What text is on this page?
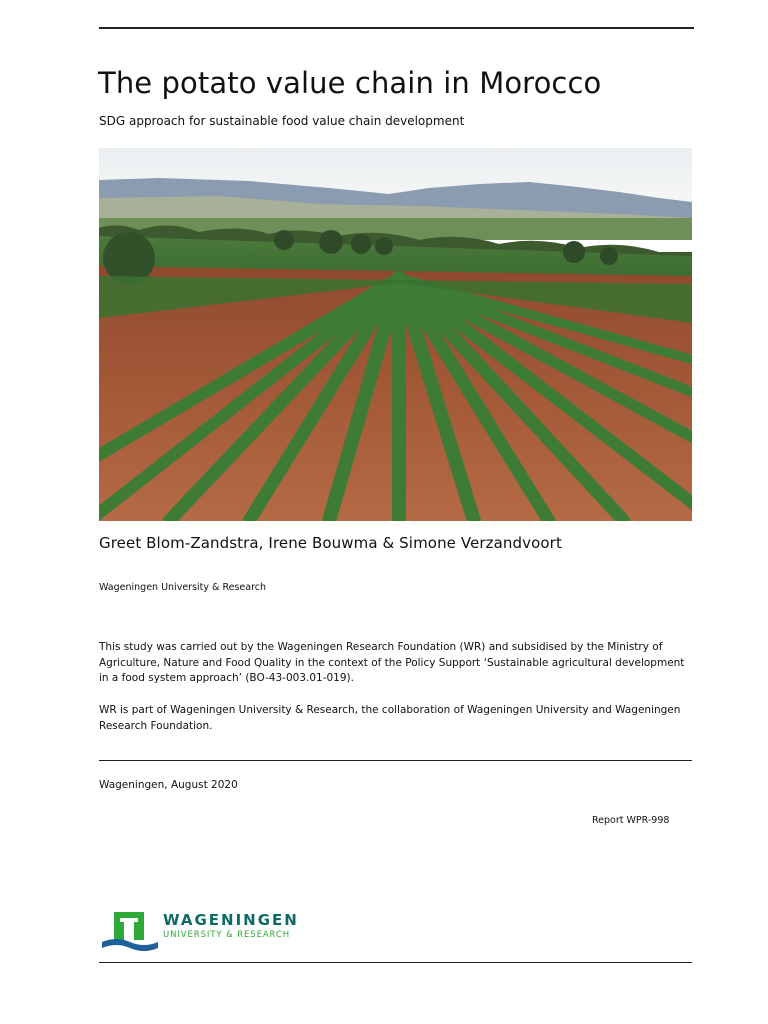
The potato value chain in Morocco
SDG approach for sustainable food value chain development
Greet Blom-Zandstra, Irene Bouwma & Simone Verzandvoort
Wageningen University & Research

This study was carried out by the Wageningen Research Foundation (WR) and subsidised by the Ministry of Agriculture, Nature and Food Quality in the context of the Policy Support ‘Sustainable agricultural development in a food system approach’ (BO-43-003.01-019).

WR is part of Wageningen University & Research, the collaboration of Wageningen University and Wageningen Research Foundation.

Wageningen, August 2020
Report WPR-998
WAGENINGEN
UNIVERSITY & RESEARCH
